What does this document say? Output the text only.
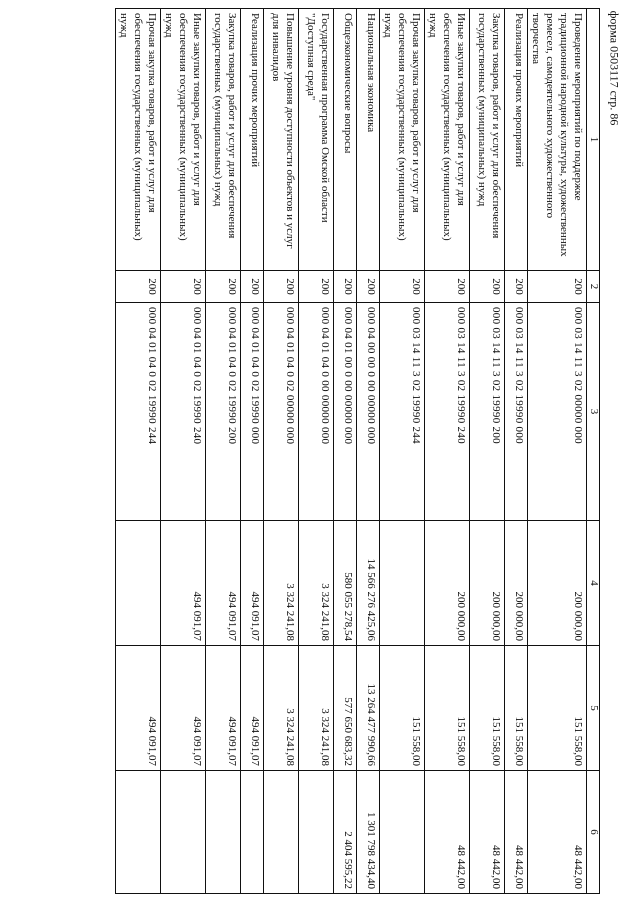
форма 0503117 стр. 86
1	2	3	4	5	6
Проведение мероприятий по поддержке традиционной народной культуры, художественных ремесел, самодеятельного художественного творчества	200	000 03 14 11 3 02 00000 000	200 000,00	151 558,00	48 442,00
Реализация прочих мероприятий	200	000 03 14 11 3 02 19990 000	200 000,00	151 558,00	48 442,00
Закупка товаров, работ и услуг для обеспечения государственных (муниципальных) нужд	200	000 03 14 11 3 02 19990 200	200 000,00	151 558,00	48 442,00
Иные закупки товаров, работ и услуг для обеспечения государственных (муниципальных) нужд	200	000 03 14 11 3 02 19990 240	200 000,00	151 558,00	48 442,00
Прочая закупка товаров, работ и услуг для обеспечения государственных (муниципальных) нужд	200	000 03 14 11 3 02 19990 244		151 558,00	
Национальная экономика	200	000 04 00 00 0 00 00000 000	14 566 276 425,06	13 264 477 990,66	1 301 798 434,40
Общеэкономические вопросы	200	000 04 01 00 0 00 00000 000	580 055 278,54	577 650 683,32	2 404 595,22
Государственная программа Омской области "Доступная среда"	200	000 04 01 04 0 00 00000 000	3 324 241,08	3 324 241,08	
Повышение уровня доступности объектов и услуг для инвалидов	200	000 04 01 04 0 02 00000 000	3 324 241,08	3 324 241,08	
Реализация прочих мероприятий	200	000 04 01 04 0 02 19990 000	494 091,07	494 091,07	
Закупка товаров, работ и услуг для обеспечения государственных (муниципальных) нужд	200	000 04 01 04 0 02 19990 200	494 091,07	494 091,07	
Иные закупки товаров, работ и услуг для обеспечения государственных (муниципальных) нужд	200	000 04 01 04 0 02 19990 240	494 091,07	494 091,07	
Прочая закупка товаров, работ и услуг для обеспечения государственных (муниципальных) нужд	200	000 04 01 04 0 02 19990 244		494 091,07	
